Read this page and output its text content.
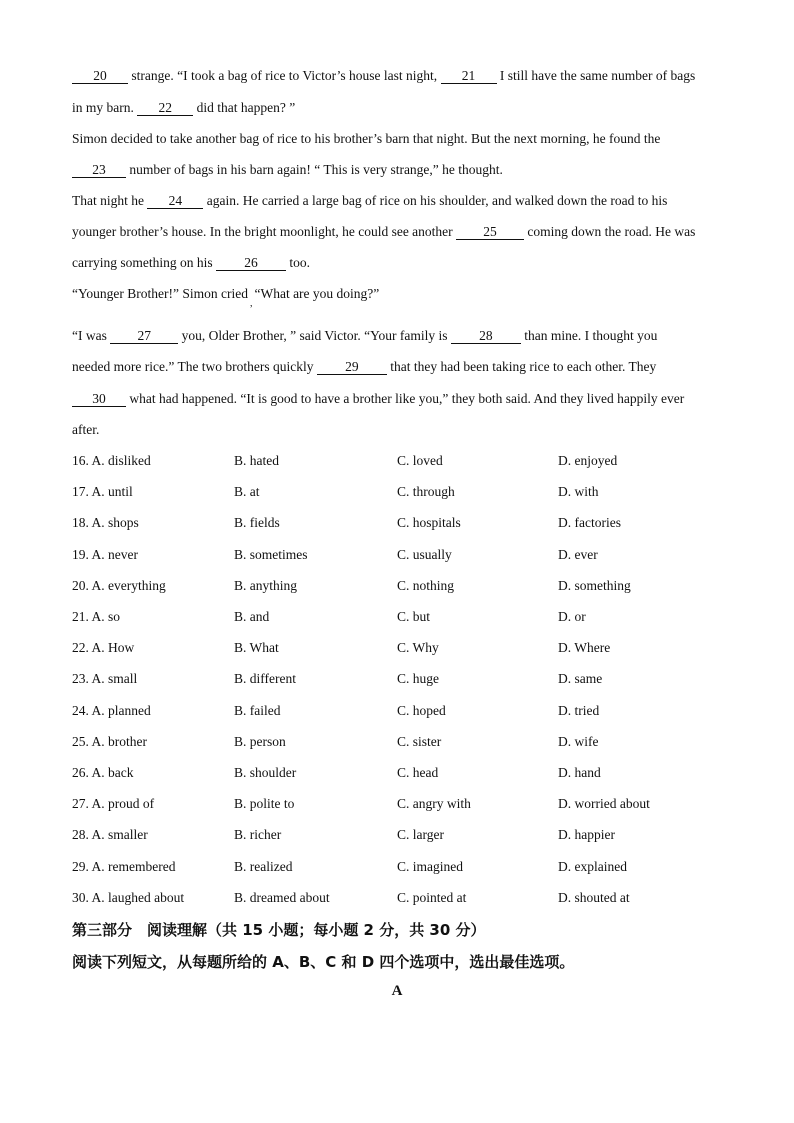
20 strange. “I took a bag of rice to Victor’s house last night, 21 I still have the same number of bags
in my barn. 22 did that happen? ”
Simon decided to take another bag of rice to his brother’s barn that night. But the next morning, he found the
23 number of bags in his barn again! “ This is very strange,” he thought.
That night he 24 again. He carried a large bag of rice on his shoulder, and walked down the road to his
younger brother’s house. In the bright moonlight, he could see another 25 coming down the road. He was
carrying something on his 26 too.
“Younger Brother!” Simon cried$_,$“What are you doing?”
“I was 27 you, Older Brother, ” said Victor. “Your family is 28 than mine. I thought you
needed more rice.” The two brothers quickly 29 that they had been taking rice to each other. They
30 what had happened. “It is good to have a brother like you,” they both said. And they lived happily ever
after.
16. A. disliked	B. hated	C. loved	D. enjoyed
17. A. until	B. at	C. through	D. with
18. A. shops	B. fields	C. hospitals	D. factories
19. A. never	B. sometimes	C. usually	D. ever
20. A. everything	B. anything	C. nothing	D. something
21. A. so	B. and	C. but	D. or
22. A. How	B. What	C. Why	D. Where
23. A. small	B. different	C. huge	D. same
24. A. planned	B. failed	C. hoped	D. tried
25. A. brother	B. person	C. sister	D. wife
26. A. back	B. shoulder	C. head	D. hand
27. A. proud of	B. polite to	C. angry with	D. worried about
28. A. smaller	B. richer	C. larger	D. happier
29. A. remembered	B. realized	C. imagined	D. explained
30. A. laughed about	B. dreamed about	C. pointed at	D. shouted at
第三部分　阅读理解（共 15 小题；每小题 2 分，共 30 分）
阅读下列短文，从每题所给的 A、B、C 和 D 四个选项中，选出最佳选项。
A
